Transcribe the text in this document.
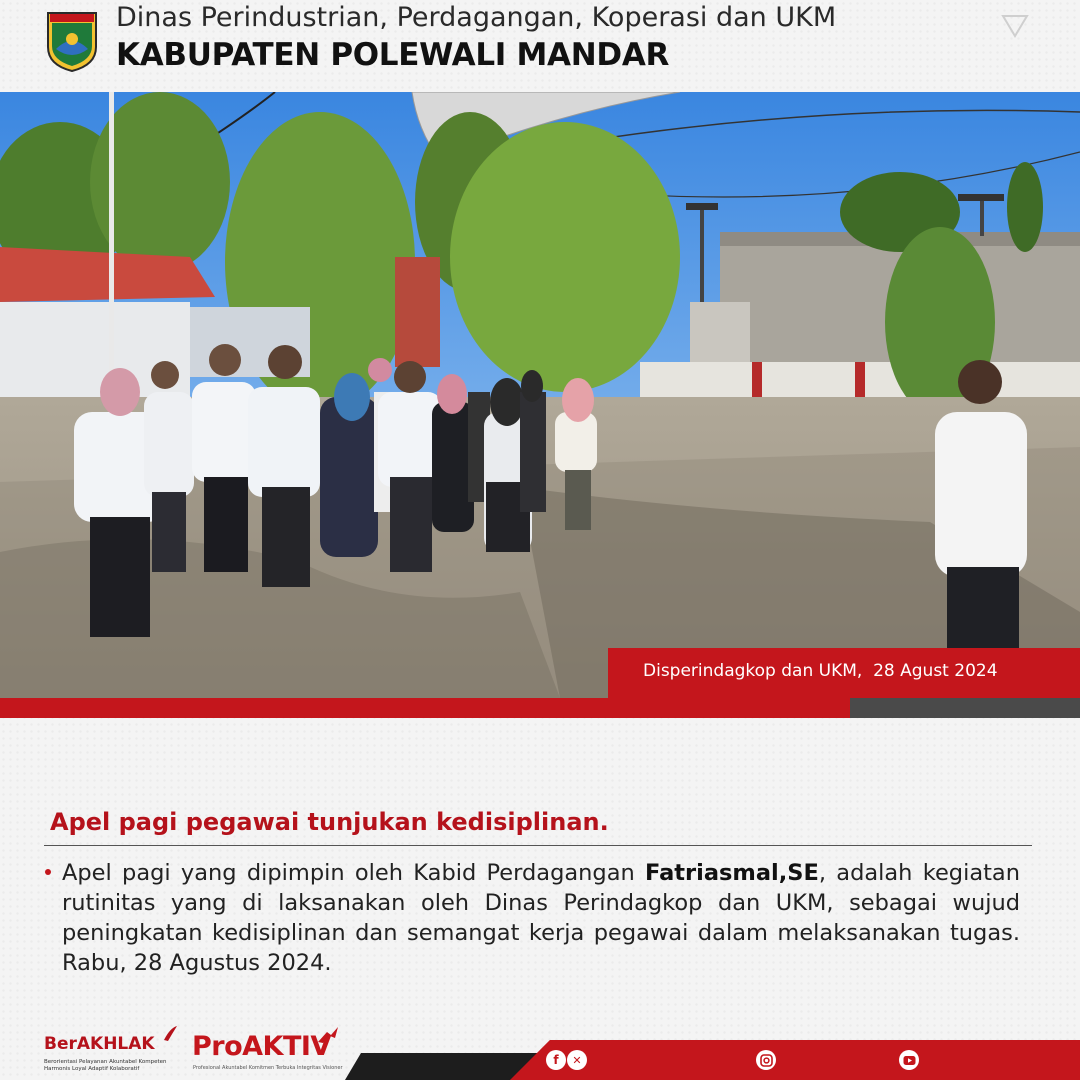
Dinas Perindustrian, Perdagangan, Koperasi dan UKM
KABUPATEN POLEWALI MANDAR
Disperindagkop dan UKM,  28 Agust 2024
Apel pagi pegawai tunjukan kedisiplinan.
Apel pagi yang dipimpin oleh Kabid Perdagangan Fatriasmal,SE, adalah kegiatan rutinitas yang di laksanakan oleh Dinas Perindagkop dan UKM, sebagai wujud peningkatan kedisiplinan dan semangat kerja pegawai dalam melaksanakan tugas. Rabu, 28 Agustus 2024.
BerAKHLAK
Berorientasi Pelayanan Akuntabel Kompeten Harmonis Loyal Adaptif Kolaboratif
ProAKTIV
Profesional Akuntabel Komitmen Terbuka Integritas Visioner
f	✕
